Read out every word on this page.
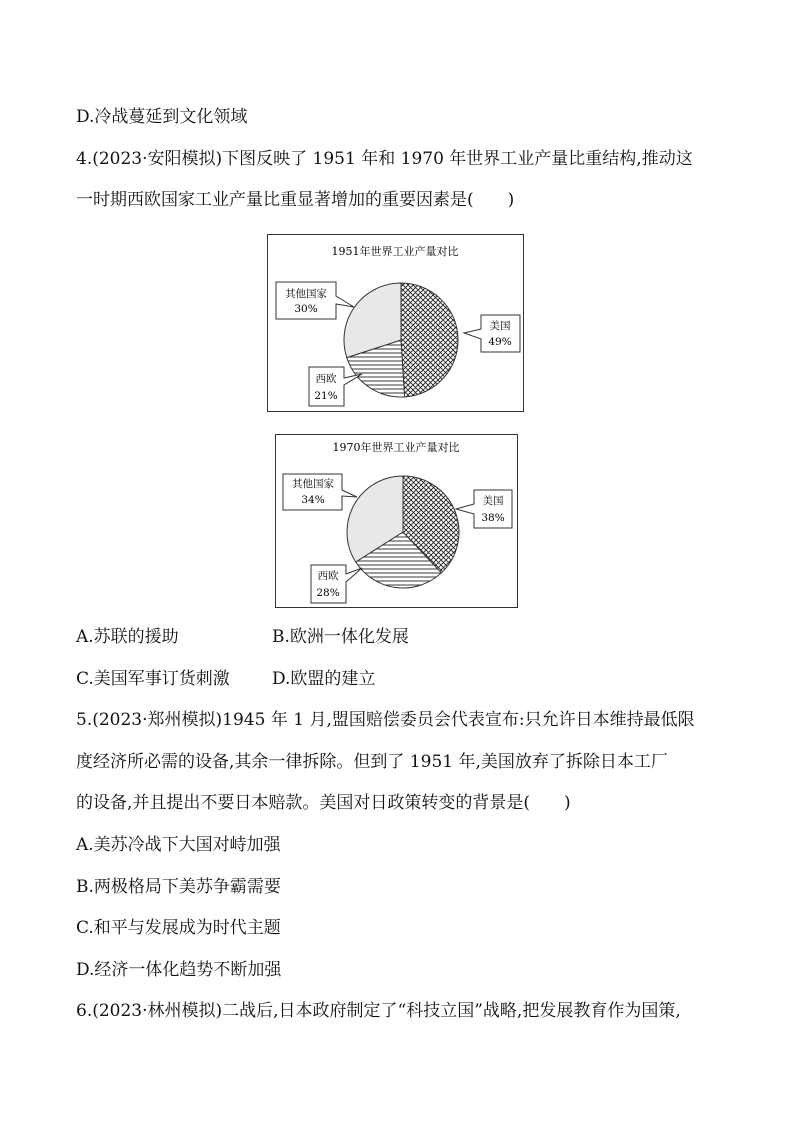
D.冷战蔓延到文化领域
4.(2023·安阳模拟)下图反映了 1951 年和 1970 年世界工业产量比重结构,推动这
一时期西欧国家工业产量比重显著增加的重要因素是(　　)
1951年世界工业产量对比
其他国家
30%
美国
49%
西欧
21%
1970年世界工业产量对比
其他国家
34%	美国
38%
西欧
28%
A.苏联的援助	B.欧洲一体化发展
C.美国军事订货刺激 D.欧盟的建立
5.(2023·郑州模拟)1945 年 1 月,盟国赔偿委员会代表宣布:只允许日本维持最低限
度经济所必需的设备,其余一律拆除。但到了 1951 年,美国放弃了拆除日本工厂
的设备,并且提出不要日本赔款。美国对日政策转变的背景是(　　)
A.美苏冷战下大国对峙加强
B.两极格局下美苏争霸需要
C.和平与发展成为时代主题
D.经济一体化趋势不断加强
6.(2023·林州模拟)二战后,日本政府制定了“科技立国”战略,把发展教育作为国策,
